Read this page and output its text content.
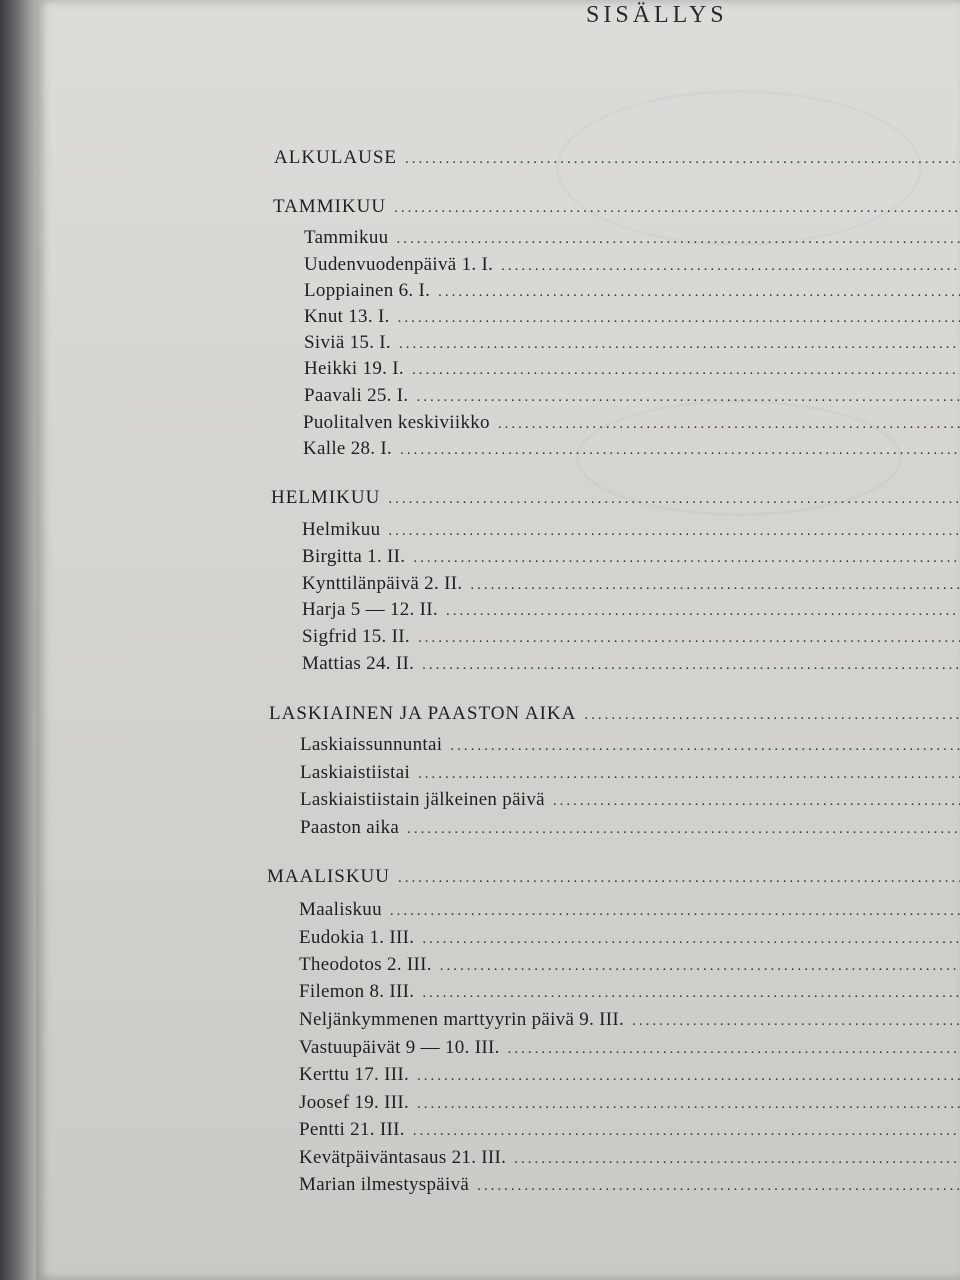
SISÄLLYS
ALKULAUSE
.....
TAMMIKUU
.....
Tammikuu
.....
Uudenvuodenpäivä 1. I.
.....
Loppiainen 6. I.
.....
Knut 13. I.
.....
Siviä 15. I.
.....
Heikki 19. I.
.....
Paavali 25. I.
.....
Puolitalven keskiviikko
.....
Kalle 28. I.
.....
HELMIKUU
.....
Helmikuu
.....
Birgitta 1. II.
.....
Kynttilänpäivä 2. II.
.....
Harja 5 — 12. II.
.....
Sigfrid 15. II.
.....
Mattias 24. II.
.....
LASKIAINEN JA PAASTON AIKA
.....
Laskiaissunnuntai
.....
Laskiaistiistai
.....
Laskiaistiistain jälkeinen päivä
.....
Paaston aika
.....
MAALISKUU
.....
Maaliskuu
.....
Eudokia 1. III.
.....
Theodotos 2. III.
.....
Filemon 8. III.
.....
Neljänkymmenen marttyyrin päivä 9. III.
.....
Vastuupäivät 9 — 10. III.
.....
Kerttu 17. III.
.....
Joosef 19. III.
.....
Pentti 21. III.
.....
Kevätpäiväntasaus 21. III.
.....
Marian ilmestyspäivä
.....
